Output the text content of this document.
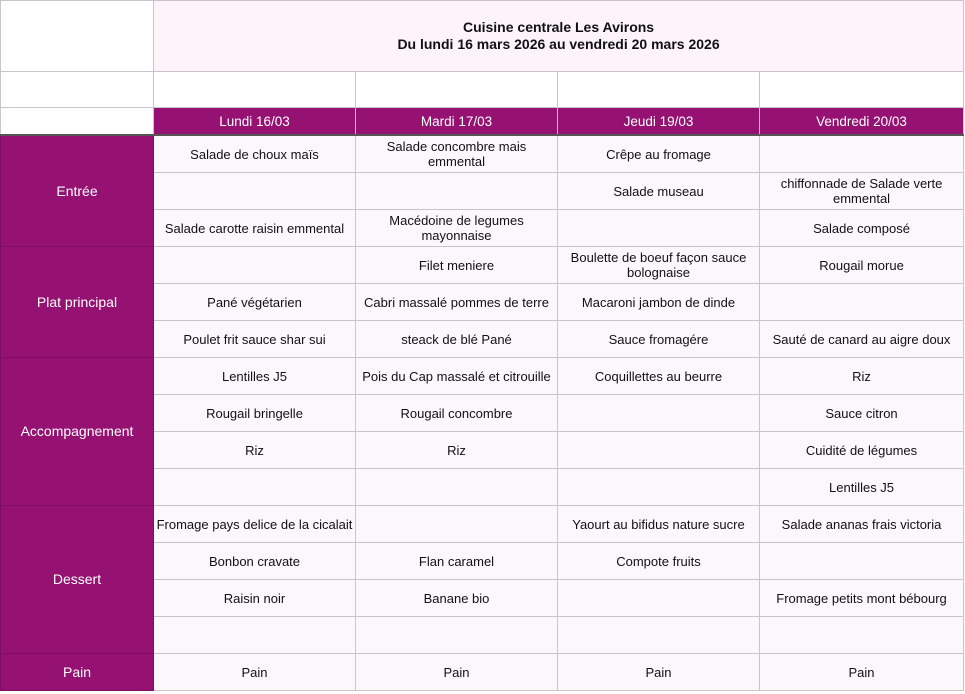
	Cuisine centrale Les Avirons
Du lundi 16 mars 2026 au vendredi 20 mars 2026			

	Lundi 16/03	Mardi 17/03	Jeudi 19/03	Vendredi 20/03
Entrée	Salade de choux maïs	Salade concombre mais emmental	Crêpe au fromage	
			Salade museau	chiffonnade de Salade verte emmental
	Salade carotte raisin emmental	Macédoine de legumes mayonnaise		Salade composé
Plat principal		Filet meniere	Boulette de boeuf façon sauce bolognaise	Rougail morue
	Pané végétarien	Cabri massalé pommes de terre	Macaroni jambon de dinde	
	Poulet frit sauce shar sui	steack de blé Pané	Sauce fromagére	Sauté de canard au aigre doux
Accompagnement	Lentilles J5	Pois du Cap massalé et citrouille	Coquillettes au beurre	Riz
	Rougail bringelle	Rougail concombre		Sauce citron
	Riz	Riz		Cuidité de légumes
				Lentilles J5
Dessert	Fromage pays delice de la cicalait		Yaourt au bifidus nature sucre	Salade ananas frais victoria
	Bonbon cravate	Flan caramel	Compote fruits	
	Raisin noir	Banane bio		Fromage petits mont bébourg

Pain	Pain	Pain	Pain	Pain
